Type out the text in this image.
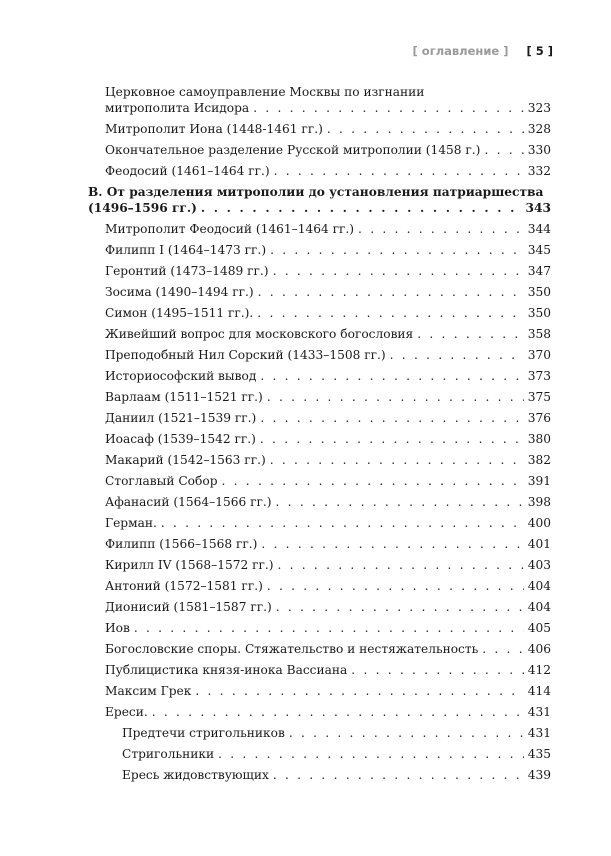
[ оглавление ] [ 5 ]
Церковное самоуправление Москвы по изгнании
митрополита Исидора . . .	323
Митрополит Иона (1448-1461 гг.) . . .	328
Окончательное разделение Русской митрополии (1458 г.) . . .	330
Феодосий (1461–1464 гг.) . . .	332
В. От разделения митрополии до установления патриаршества
(1496–1596 гг.) . . .	343
Митрополит Феодосий (1461–1464 гг.) . . .	344
Филипп I (1464–1473 гг.) . . .	345
Геронтий (1473–1489 гг.) . . .	347
Зосима (1490–1494 гг.) . . .	350
Симон (1495–1511 гг.). . . .	350
Живейший вопрос для московского богословия . . .	358
Преподобный Нил Сорский (1433–1508 гг.) . . .	370
Историософский вывод . . .	373
Варлаам (1511–1521 гг.) . . .	375
Даниил (1521–1539 гг.) . . .	376
Иоасаф (1539–1542 гг.) . . .	380
Макарий (1542–1563 гг.) . . .	382
Стоглавый Собор . . .	391
Афанасий (1564–1566 гг.) . . .	398
Герман. . . .	400
Филипп (1566–1568 гг.) . . .	401
Кирилл IV (1568–1572 гг.) . . .	403
Антоний (1572–1581 гг.) . . .	404
Дионисий (1581–1587 гг.) . . .	404
Иов . . .	405
Богословские споры. Стяжательство и нестяжательность . . .	406
Публицистика князя-инока Вассиана . . .	412
Максим Грек . . .	414
Ереси. . . .	431
Предтечи стригольников . . .	431
Стригольники . . .	435
Ересь жидовствующих . . .	439
